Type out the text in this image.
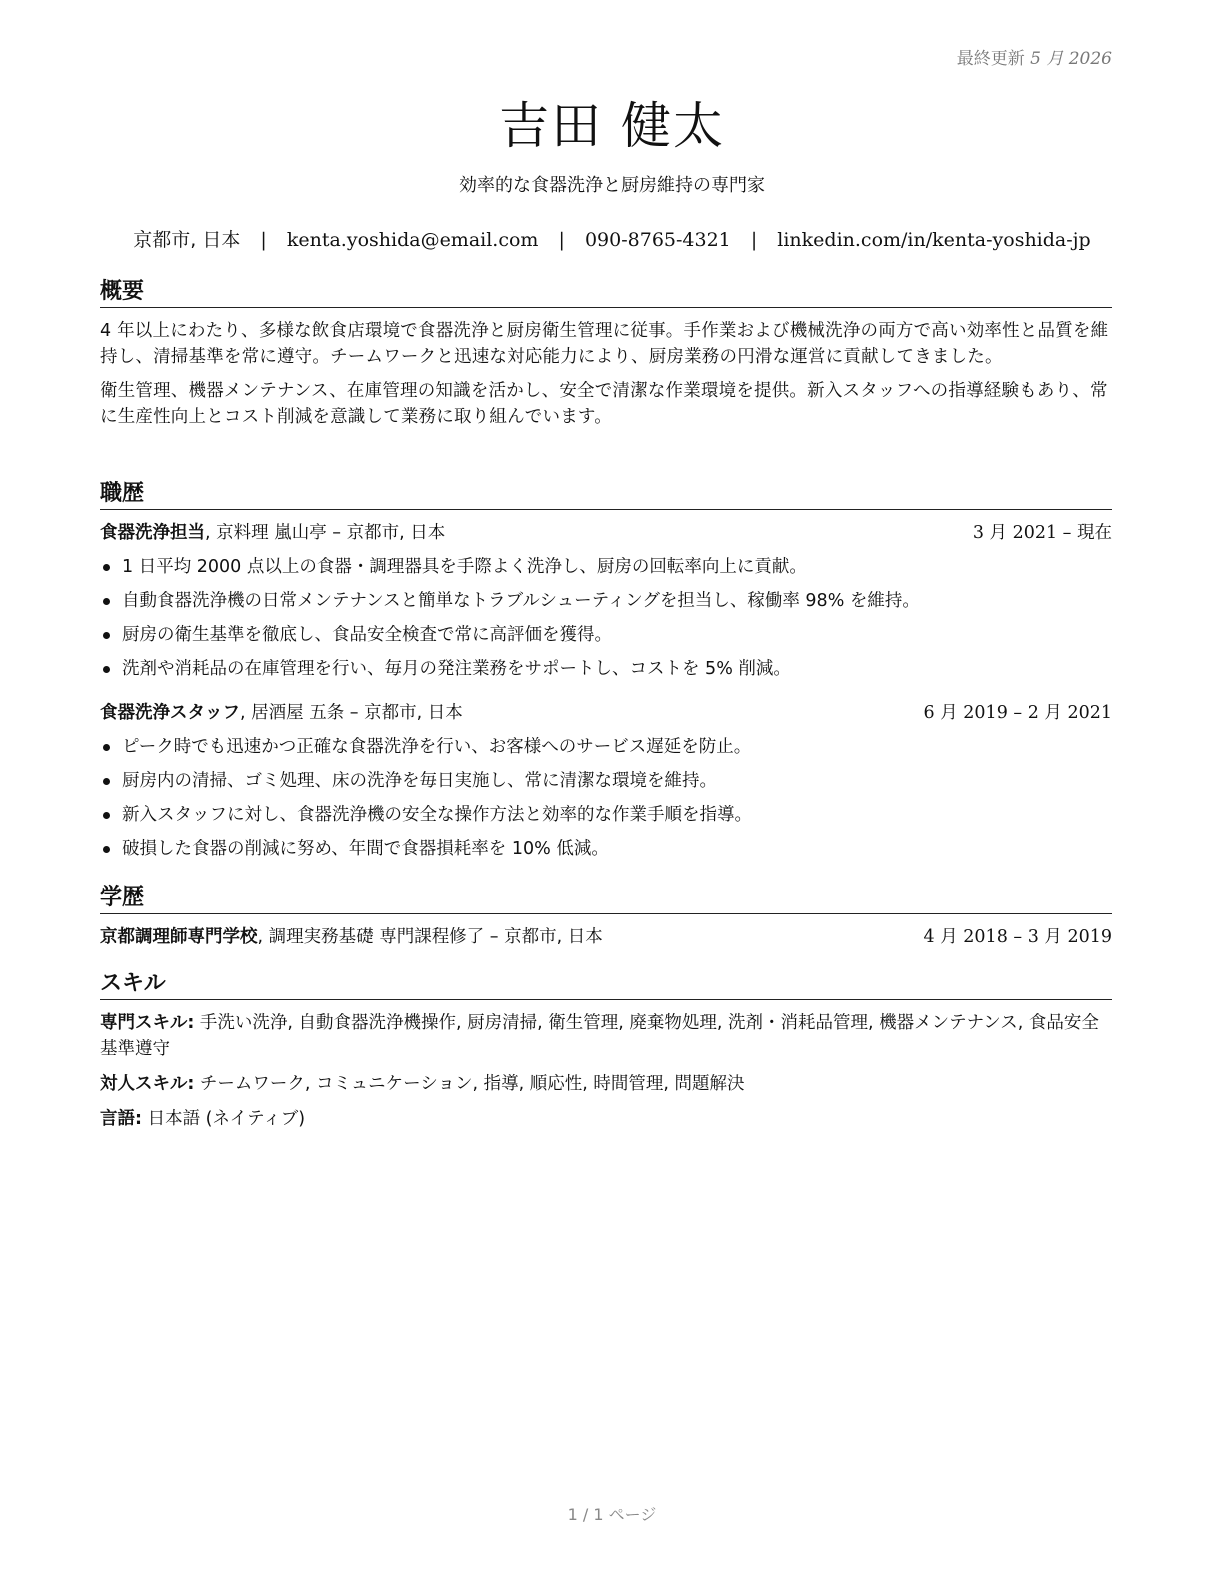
最終更新 5 月 2026
吉田 健太
効率的な食器洗浄と厨房維持の専門家
京都市, 日本 | kenta.yoshida@email.com | 090-8765-4321 | linkedin.com/in/kenta-yoshida-jp
概要

4 年以上にわたり、多様な飲食店環境で食器洗浄と厨房衛生管理に従事。手作業および機械洗浄の両方で高い効率性と品質を維持し、清掃基準を常に遵守。チームワークと迅速な対応能力により、厨房業務の円滑な運営に貢献してきました。

衛生管理、機器メンテナンス、在庫管理の知識を活かし、安全で清潔な作業環境を提供。新入スタッフへの指導経験もあり、常に生産性向上とコスト削減を意識して業務に取り組んでいます。

職歴
食器洗浄担当, 京料理 嵐山亭 – 京都市, 日本	3 月 2021 – 現在
1 日平均 2000 点以上の食器・調理器具を手際よく洗浄し、厨房の回転率向上に貢献。
自動食器洗浄機の日常メンテナンスと簡単なトラブルシューティングを担当し、稼働率 98% を維持。
厨房の衛生基準を徹底し、食品安全検査で常に高評価を獲得。
洗剤や消耗品の在庫管理を行い、毎月の発注業務をサポートし、コストを 5% 削減。
食器洗浄スタッフ, 居酒屋 五条 – 京都市, 日本	6 月 2019 – 2 月 2021
ピーク時でも迅速かつ正確な食器洗浄を行い、お客様へのサービス遅延を防止。
厨房内の清掃、ゴミ処理、床の洗浄を毎日実施し、常に清潔な環境を維持。
新入スタッフに対し、食器洗浄機の安全な操作方法と効率的な作業手順を指導。
破損した食器の削減に努め、年間で食器損耗率を 10% 低減。
学歴
京都調理師専門学校, 調理実務基礎 専門課程修了 – 京都市, 日本	4 月 2018 – 3 月 2019
スキル

専門スキル: 手洗い洗浄, 自動食器洗浄機操作, 厨房清掃, 衛生管理, 廃棄物処理, 洗剤・消耗品管理, 機器メンテナンス, 食品安全基準遵守

対人スキル: チームワーク, コミュニケーション, 指導, 順応性, 時間管理, 問題解決

言語: 日本語 (ネイティブ)

1 / 1 ページ
